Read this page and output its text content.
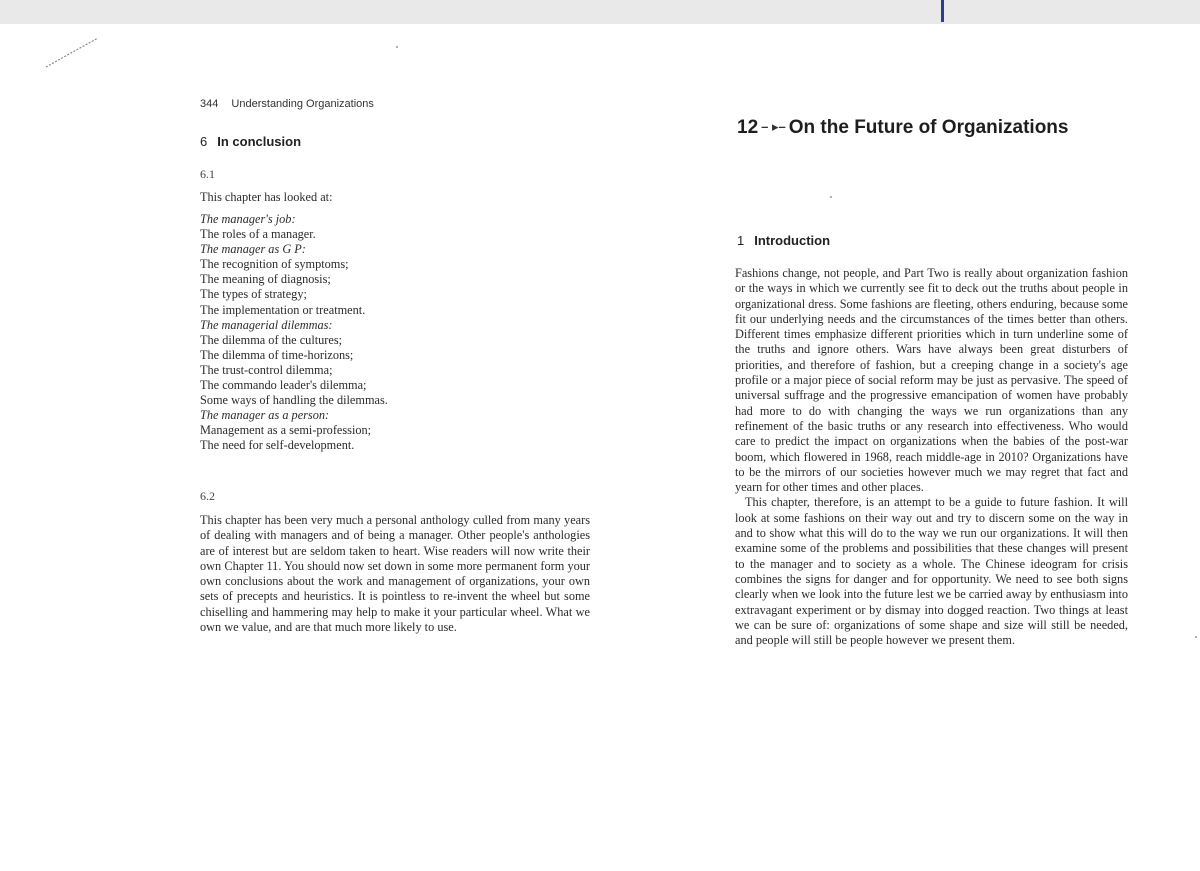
344 Understanding Organizations
6 In conclusion
6.1
This chapter has looked at:
The manager's job:
The roles of a manager.
The manager as G P:
The recognition of symptoms;
The meaning of diagnosis;
The types of strategy;
The implementation or treatment.
The managerial dilemmas:
The dilemma of the cultures;
The dilemma of time-horizons;
The trust-control dilemma;
The commando leader's dilemma;
Some ways of handling the dilemmas.
The manager as a person:
Management as a semi-profession;
The need for self-development.
6.2

This chapter has been very much a personal anthology culled from many years of dealing with managers and of being a manager. Other people's anthologies are of interest but are seldom taken to heart. Wise readers will now write their own Chapter 11. You should now set down in some more permanent form your own conclusions about the work and management of organizations, your own sets of precepts and heuristics. It is pointless to re-invent the wheel but some chiselling and hammering may help to make it your particular wheel. What we own we value, and are that much more likely to use.

12 – ▸– On the Future of Organizations
1 Introduction

Fashions change, not people, and Part Two is really about organization fashion or the ways in which we currently see fit to deck out the truths about people in organizational dress. Some fashions are fleeting, others enduring, because some fit our underlying needs and the circumstances of the times better than others. Different times emphasize different priorities which in turn underline some of the truths and ignore others. Wars have always been great disturbers of priorities, and therefore of fashion, but a creeping change in a society's age profile or a major piece of social reform may be just as pervasive. The speed of universal suffrage and the progressive emancipation of women have probably had more to do with changing the ways we run organizations than any refinement of the basic truths or any research into effectiveness. Who would care to predict the impact on organizations when the babies of the post-war boom, which flowered in 1968, reach middle-age in 2010? Organizations have to be the mirrors of our societies however much we may regret that fact and yearn for other times and other places.

This chapter, therefore, is an attempt to be a guide to future fashion. It will look at some fashions on their way out and try to discern some on the way in and to show what this will do to the way we run our organizations. It will then examine some of the problems and possibilities that these changes will present to the manager and to society as a whole. The Chinese ideogram for crisis combines the signs for danger and for opportunity. We need to see both signs clearly when we look into the future lest we be carried away by enthusiasm into extravagant experiment or by dismay into dogged reaction. Two things at least we can be sure of: organizations of some shape and size will still be needed, and people will still be people however we present them.
